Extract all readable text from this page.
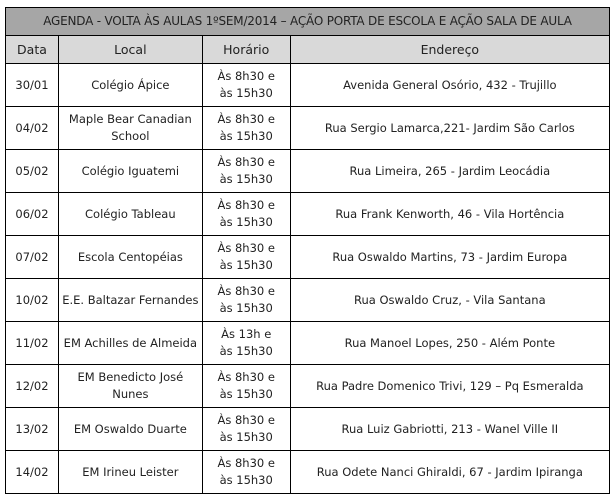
AGENDA - VOLTA ÀS AULAS 1ºSEM/2014 – AÇÃO PORTA DE ESCOLA E AÇÃO SALA DE AULA			
Data	Local	Horário	Endereço
30/01	Colégio Ápice	Às 8h30 e às 15h30	Avenida General Osório, 432 - Trujillo
04/02	Maple Bear Canadian School	Às 8h30 e às 15h30	Rua Sergio Lamarca,221- Jardim São Carlos
05/02	Colégio Iguatemi	Às 8h30 e às 15h30	Rua Limeira, 265 - Jardim Leocádia
06/02	Colégio Tableau	Às 8h30 e às 15h30	Rua Frank Kenworth, 46 - Vila Hortência
07/02	Escola Centopéias	Às 8h30 e às 15h30	Rua Oswaldo Martins, 73 - Jardim Europa
10/02	E.E. Baltazar Fernandes	Às 8h30 e às 15h30	Rua Oswaldo Cruz, - Vila Santana
11/02	EM Achilles de Almeida	Às 13h e às 15h30	Rua Manoel Lopes, 250 - Além Ponte
12/02	EM Benedicto José Nunes	Às 8h30 e às 15h30	Rua Padre Domenico Trivi, 129 – Pq Esmeralda
13/02	EM Oswaldo Duarte	Às 8h30 e às 15h30	Rua Luiz Gabriotti, 213 - Wanel Ville II
14/02	EM Irineu Leister	Às 8h30 e às 15h30	Rua Odete Nanci Ghiraldi, 67 - Jardim Ipiranga
